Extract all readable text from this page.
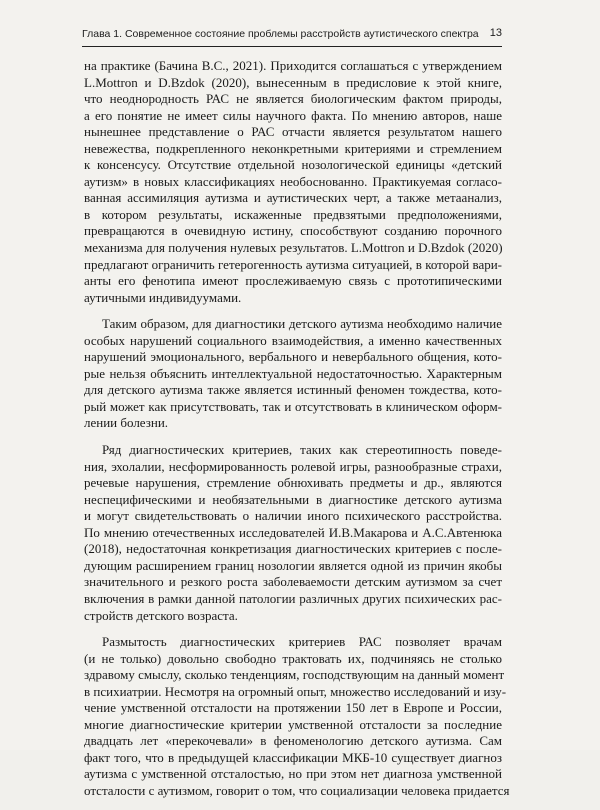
Глава 1. Современное состояние проблемы расстройств аутистического спектра 13

на практике (Бачина В.С., 2021). Приходится соглашаться с утверждением
L.Mottron и D.Bzdok (2020), вынесенным в предисловие к этой книге,
что неоднородность РАС не является биологическим фактом природы,
а его понятие не имеет силы научного факта. По мнению авторов, наше
нынешнее представление о РАС отчасти является результатом нашего
невежества, подкрепленного неконкретными критериями и стремлением
к консенсусу. Отсутствие отдельной нозологической единицы «детский
аутизм» в новых классификациях необоснованно. Практикуемая согласо-
ванная ассимиляция аутизма и аутистических черт, а также метаанализ,
в котором результаты, искаженные предвзятыми предположениями,
превращаются в очевидную истину, способствуют созданию порочного
механизма для получения нулевых результатов. L.Mottron и D.Bzdok (2020)
предлагают ограничить гетерогенность аутизма ситуацией, в которой вари-
анты его фенотипа имеют прослеживаемую связь с прототипическими
аутичными индивидуумами.

Таким образом, для диагностики детского аутизма необходимо наличие
особых нарушений социального взаимодействия, а именно качественных
нарушений эмоционального, вербального и невербального общения, кото-
рые нельзя объяснить интеллектуальной недостаточностью. Характерным
для детского аутизма также является истинный феномен тождества, кото-
рый может как присутствовать, так и отсутствовать в клиническом оформ-
лении болезни.

Ряд диагностических критериев, таких как стереотипность поведе-
ния, эхолалии, несформированность ролевой игры, разнообразные страхи,
речевые нарушения, стремление обнюхивать предметы и др., являются
неспецифическими и необязательными в диагностике детского аутизма
и могут свидетельствовать о наличии иного психического расстройства.
По мнению отечественных исследователей И.В.Макарова и А.С.Автенюка
(2018), недостаточная конкретизация диагностических критериев с после-
дующим расширением границ нозологии является одной из причин якобы
значительного и резкого роста заболеваемости детским аутизмом за счет
включения в рамки данной патологии различных других психических рас-
стройств детского возраста.

Размытость диагностических критериев РАС позволяет врачам
(и не только) довольно свободно трактовать их, подчиняясь не столько
здравому смыслу, сколько тенденциям, господствующим на данный момент
в психиатрии. Несмотря на огромный опыт, множество исследований и изу-
чение умственной отсталости на протяжении 150 лет в Европе и России,
многие диагностические критерии умственной отсталости за последние
двадцать лет «перекочевали» в феноменологию детского аутизма. Сам
факт того, что в предыдущей классификации МКБ-10 существует диагноз
аутизма с умственной отсталостью, но при этом нет диагноза умственной
отсталости с аутизмом, говорит о том, что социализации человека придается
